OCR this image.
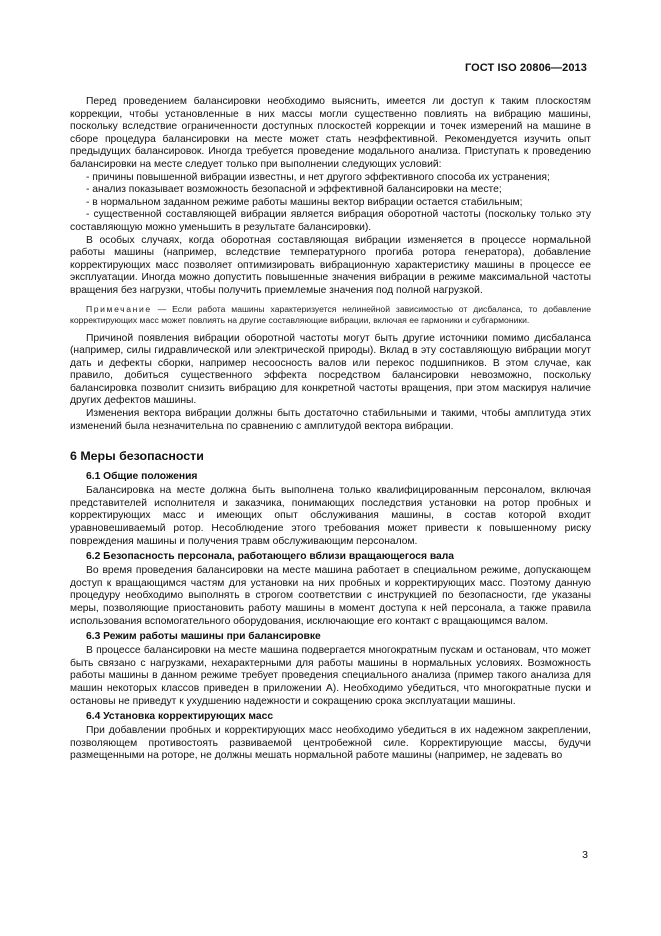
ГОСТ ISO 20806—2013

Перед проведением балансировки необходимо выяснить, имеется ли доступ к таким плоскостям коррекции, чтобы установленные в них массы могли существенно повлиять на вибрацию машины, поскольку вследствие ограниченности доступных плоскостей коррекции и точек измерений на машине в сборе процедура балансировки на месте может стать неэффективной. Рекомендуется изучить опыт предыдущих балансировок. Иногда требуется проведение модального анализа. Приступать к проведению балансировки на месте следует только при выполнении следующих условий:

- причины повышенной вибрации известны, и нет другого эффективного способа их устранения;

- анализ показывает возможность безопасной и эффективной балансировки на месте;

- в нормальном заданном режиме работы машины вектор вибрации остается стабильным;

- существенной составляющей вибрации является вибрация оборотной частоты (поскольку только эту составляющую можно уменьшить в результате балансировки).

В особых случаях, когда оборотная составляющая вибрации изменяется в процессе нормальной работы машины (например, вследствие температурного прогиба ротора генератора), добавление корректирующих масс позволяет оптимизировать вибрационную характеристику машины в процессе ее эксплуатации. Иногда можно допустить повышенные значения вибрации в режиме максимальной частоты вращения без нагрузки, чтобы получить приемлемые значения под полной нагрузкой.

Примечание — Если работа машины характеризуется нелинейной зависимостью от дисбаланса, то добавление корректирующих масс может повлиять на другие составляющие вибрации, включая ее гармоники и субгармоники.

Причиной появления вибрации оборотной частоты могут быть другие источники помимо дисбаланса (например, силы гидравлической или электрической природы). Вклад в эту составляющую вибрации могут дать и дефекты сборки, например несоосность валов или перекос подшипников. В этом случае, как правило, добиться существенного эффекта посредством балансировки невозможно, поскольку балансировка позволит снизить вибрацию для конкретной частоты вращения, при этом маскируя наличие других дефектов машины.

Изменения вектора вибрации должны быть достаточно стабильными и такими, чтобы амплитуда этих изменений была незначительна по сравнению с амплитудой вектора вибрации.

6 Меры безопасности
6.1 Общие положения

Балансировка на месте должна быть выполнена только квалифицированным персоналом, включая представителей исполнителя и заказчика, понимающих последствия установки на ротор пробных и корректирующих масс и имеющих опыт обслуживания машины, в состав которой входит уравновешиваемый ротор. Несоблюдение этого требования может привести к повышенному риску повреждения машины и получения травм обслуживающим персоналом.

6.2 Безопасность персонала, работающего вблизи вращающегося вала

Во время проведения балансировки на месте машина работает в специальном режиме, допускающем доступ к вращающимся частям для установки на них пробных и корректирующих масс. Поэтому данную процедуру необходимо выполнять в строгом соответствии с инструкцией по безопасности, где указаны меры, позволяющие приостановить работу машины в момент доступа к ней персонала, а также правила использования вспомогательного оборудования, исключающие его контакт с вращающимся валом.

6.3 Режим работы машины при балансировке

В процессе балансировки на месте машина подвергается многократным пускам и остановам, что может быть связано с нагрузками, нехарактерными для работы машины в нормальных условиях. Возможность работы машины в данном режиме требует проведения специального анализа (пример такого анализа для машин некоторых классов приведен в приложении А). Необходимо убедиться, что многократные пуски и остановы не приведут к ухудшению надежности и сокращению срока эксплуатации машины.

6.4 Установка корректирующих масс

При добавлении пробных и корректирующих масс необходимо убедиться в их надежном закреплении, позволяющем противостоять развиваемой центробежной силе. Корректирующие массы, будучи размещенными на роторе, не должны мешать нормальной работе машины (например, не задевать во

3
